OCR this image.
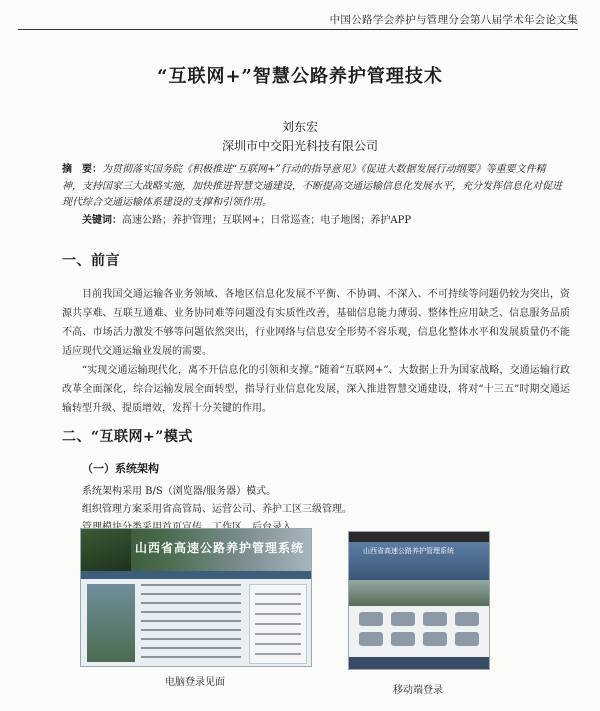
中国公路学会养护与管理分会第八届学术年会论文集
“互联网+”智慧公路养护管理技术
刘东宏
深圳市中交阳光科技有限公司
摘　要：为贯彻落实国务院《积极推进“互联网+”行动的指导意见》《促进大数据发展行动纲要》等重要文件精神，支持国家三大战略实施，加快推进智慧交通建设，不断提高交通运输信息化发展水平，充分发挥信息化对促进现代综合交通运输体系建设的支撑和引领作用。
关键词：高速公路；养护管理；互联网+；日常巡查；电子地图；养护APP
一、前言
目前我国交通运输各业务领域、各地区信息化发展不平衡、不协调、不深入、不可持续等问题仍较为突出，资源共享难、互联互通难、业务协同难等问题没有实质性改善，基础信息能力薄弱、整体性应用缺乏、信息服务品质不高、市场活力激发不够等问题依然突出，行业网络与信息安全形势不容乐观，信息化整体水平和发展质量仍不能适应现代交通运输业发展的需要。
“实现交通运输现代化，离不开信息化的引领和支撑。”随着“互联网+”、大数据上升为国家战略，交通运输行政改革全面深化，综合运输发展全面转型，指导行业信息化发展，深入推进智慧交通建设，将对“十三五”时期交通运输转型升级、提质增效，发挥十分关键的作用。
二、“互联网+”模式
（一）系统架构
系统架构采用 B/S（浏览器/服务器）模式。
组织管理方案采用省高管局、运营公司、养护工区三级管理。
山西省高速公路养护管理系统
电脑登录见面
山西省高速公路养护管理系统
移动端登录
